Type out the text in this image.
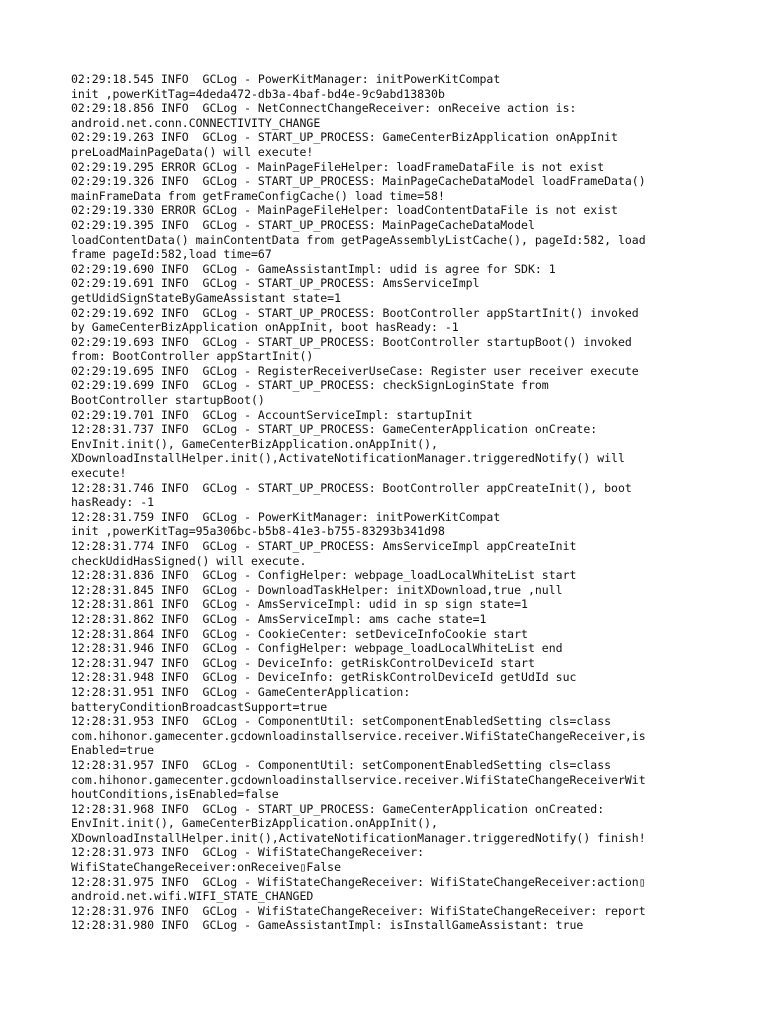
02:29:18.545 INFO  GCLog - PowerKitManager: initPowerKitCompat
init ,powerKitTag=4deda472-db3a-4baf-bd4e-9c9abd13830b
02:29:18.856 INFO  GCLog - NetConnectChangeReceiver: onReceive action is:
android.net.conn.CONNECTIVITY_CHANGE
02:29:19.263 INFO  GCLog - START_UP_PROCESS: GameCenterBizApplication onAppInit
preLoadMainPageData() will execute!
02:29:19.295 ERROR GCLog - MainPageFileHelper: loadFrameDataFile is not exist
02:29:19.326 INFO  GCLog - START_UP_PROCESS: MainPageCacheDataModel loadFrameData()
mainFrameData from getFrameConfigCache() load time=58!
02:29:19.330 ERROR GCLog - MainPageFileHelper: loadContentDataFile is not exist
02:29:19.395 INFO  GCLog - START_UP_PROCESS: MainPageCacheDataModel
loadContentData() mainContentData from getPageAssemblyListCache(), pageId:582, load
frame pageId:582,load time=67
02:29:19.690 INFO  GCLog - GameAssistantImpl: udid is agree for SDK: 1
02:29:19.691 INFO  GCLog - START_UP_PROCESS: AmsServiceImpl
getUdidSignStateByGameAssistant state=1
02:29:19.692 INFO  GCLog - START_UP_PROCESS: BootController appStartInit() invoked
by GameCenterBizApplication onAppInit, boot hasReady: -1
02:29:19.693 INFO  GCLog - START_UP_PROCESS: BootController startupBoot() invoked
from: BootController appStartInit()
02:29:19.695 INFO  GCLog - RegisterReceiverUseCase: Register user receiver execute
02:29:19.699 INFO  GCLog - START_UP_PROCESS: checkSignLoginState from
BootController startupBoot()
02:29:19.701 INFO  GCLog - AccountServiceImpl: startupInit
12:28:31.737 INFO  GCLog - START_UP_PROCESS: GameCenterApplication onCreate:
EnvInit.init(), GameCenterBizApplication.onAppInit(),
XDownloadInstallHelper.init(),ActivateNotificationManager.triggeredNotify() will
execute!
12:28:31.746 INFO  GCLog - START_UP_PROCESS: BootController appCreateInit(), boot
hasReady: -1
12:28:31.759 INFO  GCLog - PowerKitManager: initPowerKitCompat
init ,powerKitTag=95a306bc-b5b8-41e3-b755-83293b341d98
12:28:31.774 INFO  GCLog - START_UP_PROCESS: AmsServiceImpl appCreateInit
checkUdidHasSigned() will execute.
12:28:31.836 INFO  GCLog - ConfigHelper: webpage_loadLocalWhiteList start
12:28:31.845 INFO  GCLog - DownloadTaskHelper: initXDownload,true ,null
12:28:31.861 INFO  GCLog - AmsServiceImpl: udid in sp sign state=1
12:28:31.862 INFO  GCLog - AmsServiceImpl: ams cache state=1
12:28:31.864 INFO  GCLog - CookieCenter: setDeviceInfoCookie start
12:28:31.946 INFO  GCLog - ConfigHelper: webpage_loadLocalWhiteList end
12:28:31.947 INFO  GCLog - DeviceInfo: getRiskControlDeviceId start
12:28:31.948 INFO  GCLog - DeviceInfo: getRiskControlDeviceId getUdId suc
12:28:31.951 INFO  GCLog - GameCenterApplication:
batteryConditionBroadcastSupport=true
12:28:31.953 INFO  GCLog - ComponentUtil: setComponentEnabledSetting cls=class
com.hihonor.gamecenter.gcdownloadinstallservice.receiver.WifiStateChangeReceiver,is
Enabled=true
12:28:31.957 INFO  GCLog - ComponentUtil: setComponentEnabledSetting cls=class
com.hihonor.gamecenter.gcdownloadinstallservice.receiver.WifiStateChangeReceiverWit
houtConditions,isEnabled=false
12:28:31.968 INFO  GCLog - START_UP_PROCESS: GameCenterApplication onCreated:
EnvInit.init(), GameCenterBizApplication.onAppInit(),
XDownloadInstallHelper.init(),ActivateNotificationManager.triggeredNotify() finish!
12:28:31.973 INFO  GCLog - WifiStateChangeReceiver:
WifiStateChangeReceiver:onReceive▯False
12:28:31.975 INFO  GCLog - WifiStateChangeReceiver: WifiStateChangeReceiver:action▯
android.net.wifi.WIFI_STATE_CHANGED
12:28:31.976 INFO  GCLog - WifiStateChangeReceiver: WifiStateChangeReceiver: report
12:28:31.980 INFO  GCLog - GameAssistantImpl: isInstallGameAssistant: true
